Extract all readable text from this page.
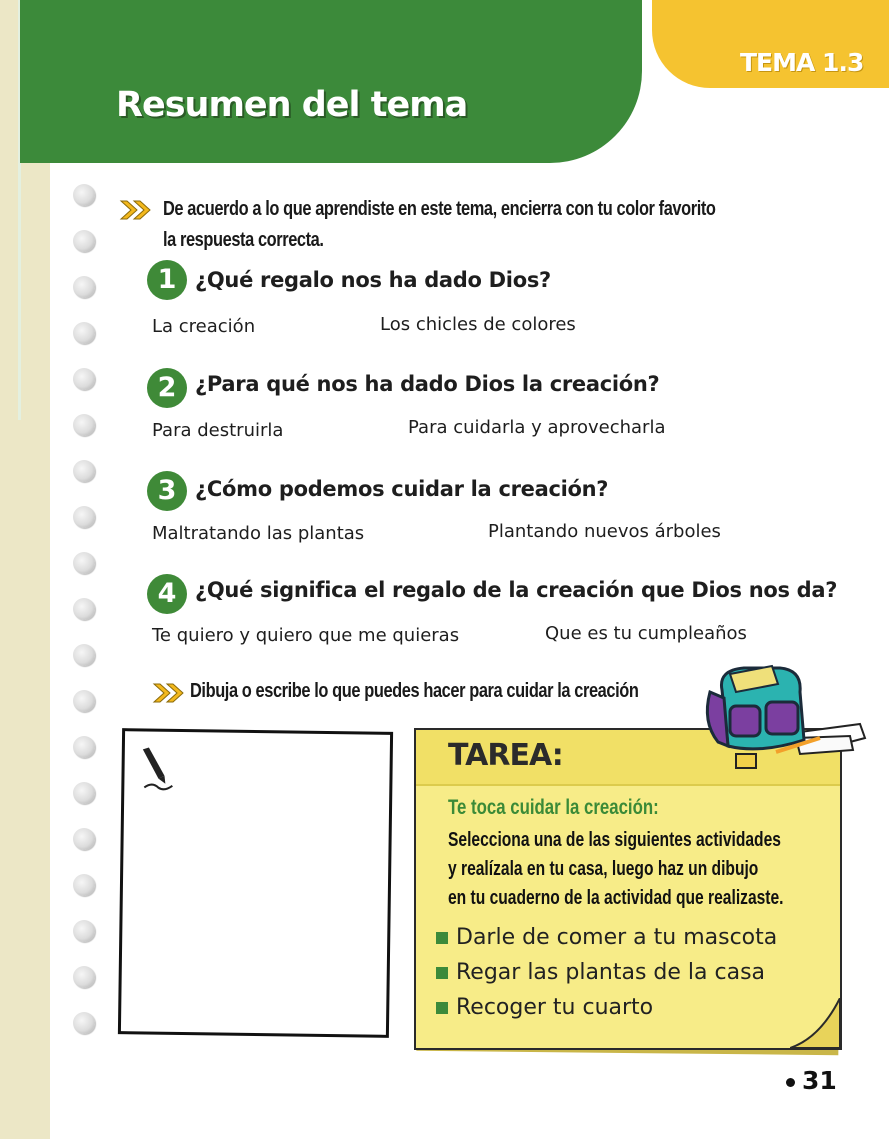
TEMA 1.3
Resumen del tema
De acuerdo a lo que aprendiste en este tema, encierra con tu color favorito
la respuesta correcta.
1 ¿Qué regalo nos ha dado Dios?
La creación	Los chicles de colores
2 ¿Para qué nos ha dado Dios la creación?
Para destruirla	Para cuidarla y aprovecharla
3 ¿Cómo podemos cuidar la creación?
Maltratando las plantas	Plantando nuevos árboles
4 ¿Qué significa el regalo de la creación que Dios nos da?
Te quiero y quiero que me quieras	Que es tu cumpleaños
Dibuja o escribe lo que puedes hacer para cuidar la creación
TAREA:
Te toca cuidar la creación:
Selecciona una de las siguientes actividades
y realízala en tu casa, luego haz un dibujo
en tu cuaderno de la actividad que realizaste.
Darle de comer a tu mascota
Regar las plantas de la casa
Recoger tu cuarto
31
